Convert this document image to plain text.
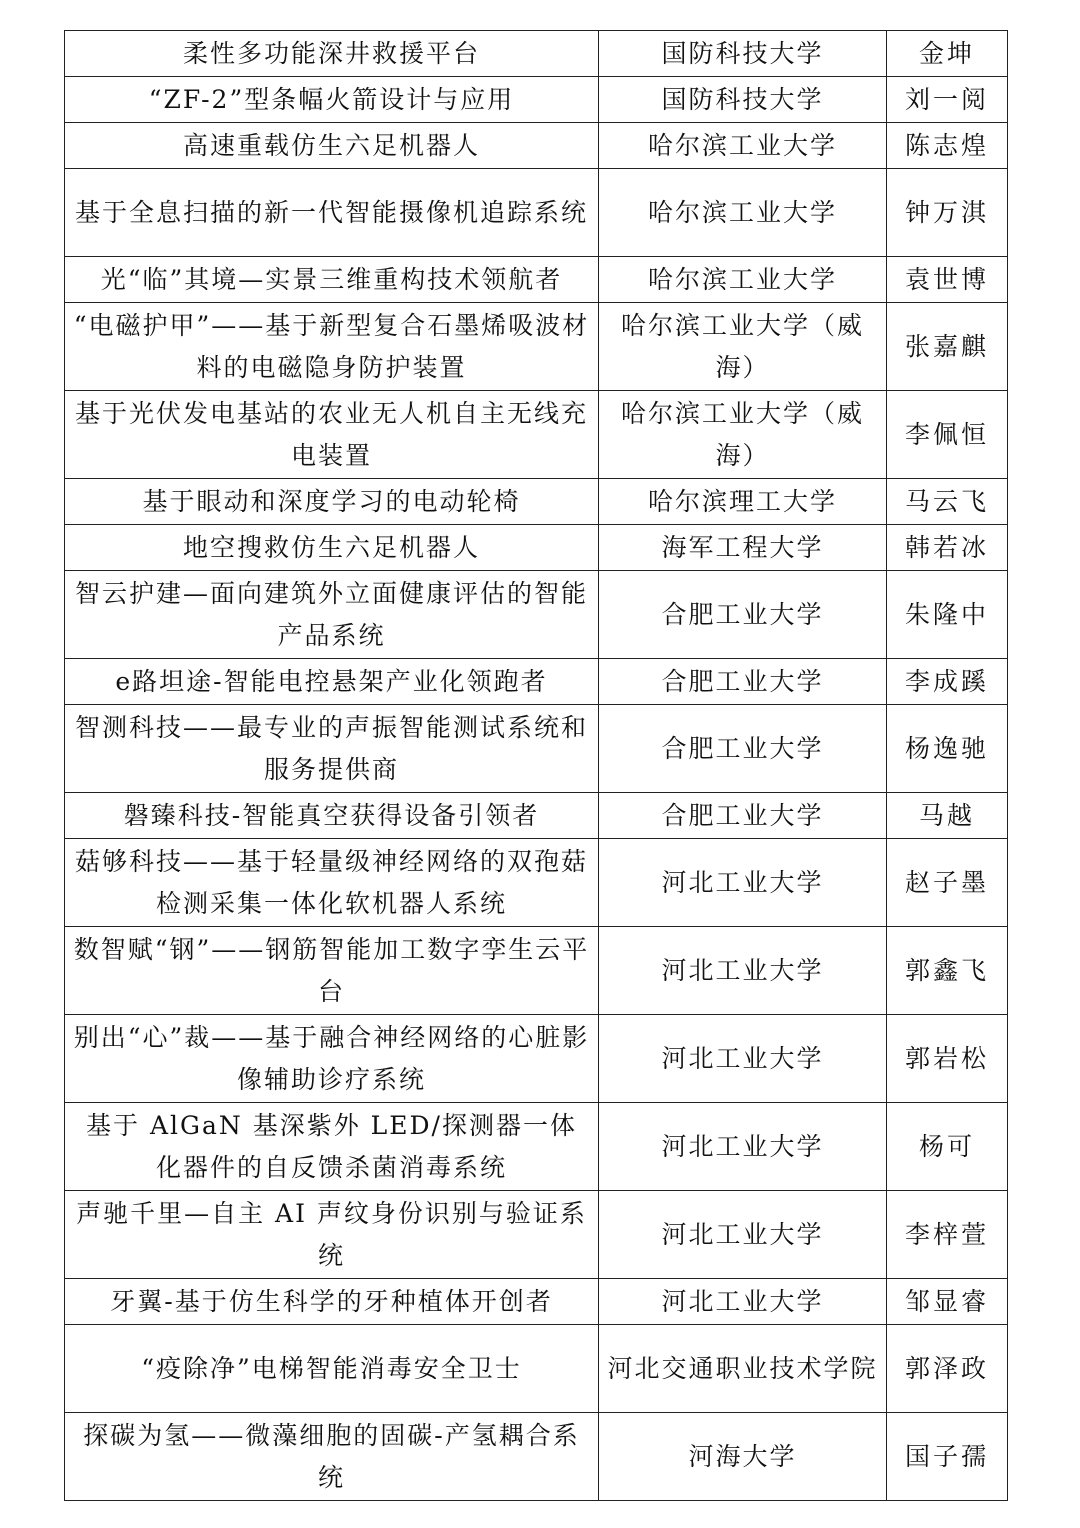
柔性多功能深井救援平台	国防科技大学	金坤
“ZF-2”型条幅火箭设计与应用	国防科技大学	刘一阅
高速重载仿生六足机器人	哈尔滨工业大学	陈志煌
基于全息扫描的新一代智能摄像机追踪系统	哈尔滨工业大学	钟万淇
光“临”其境—实景三维重构技术领航者	哈尔滨工业大学	袁世博
“电磁护甲”——基于新型复合石墨烯吸波材料的电磁隐身防护装置	哈尔滨工业大学（威海）	张嘉麒
基于光伏发电基站的农业无人机自主无线充电装置	哈尔滨工业大学（威海）	李佩恒
基于眼动和深度学习的电动轮椅	哈尔滨理工大学	马云飞
地空搜救仿生六足机器人	海军工程大学	韩若冰
智云护建—面向建筑外立面健康评估的智能产品系统	合肥工业大学	朱隆中
e路坦途-智能电控悬架产业化领跑者	合肥工业大学	李成蹊
智测科技——最专业的声振智能测试系统和服务提供商	合肥工业大学	杨逸驰
磐臻科技-智能真空获得设备引领者	合肥工业大学	马越
菇够科技——基于轻量级神经网络的双孢菇检测采集一体化软机器人系统	河北工业大学	赵子墨
数智赋“钢”——钢筋智能加工数字孪生云平台	河北工业大学	郭鑫飞
别出“心”裁——基于融合神经网络的心脏影像辅助诊疗系统	河北工业大学	郭岩松
基于 AlGaN 基深紫外 LED/探测器一体化器件的自反馈杀菌消毒系统	河北工业大学	杨可
声驰千里—自主 AI 声纹身份识别与验证系统	河北工业大学	李梓萱
牙翼-基于仿生科学的牙种植体开创者	河北工业大学	邹显睿
“疫除净”电梯智能消毒安全卫士	河北交通职业技术学院	郭泽政
探碳为氢——微藻细胞的固碳-产氢耦合系统	河海大学	国子孺
